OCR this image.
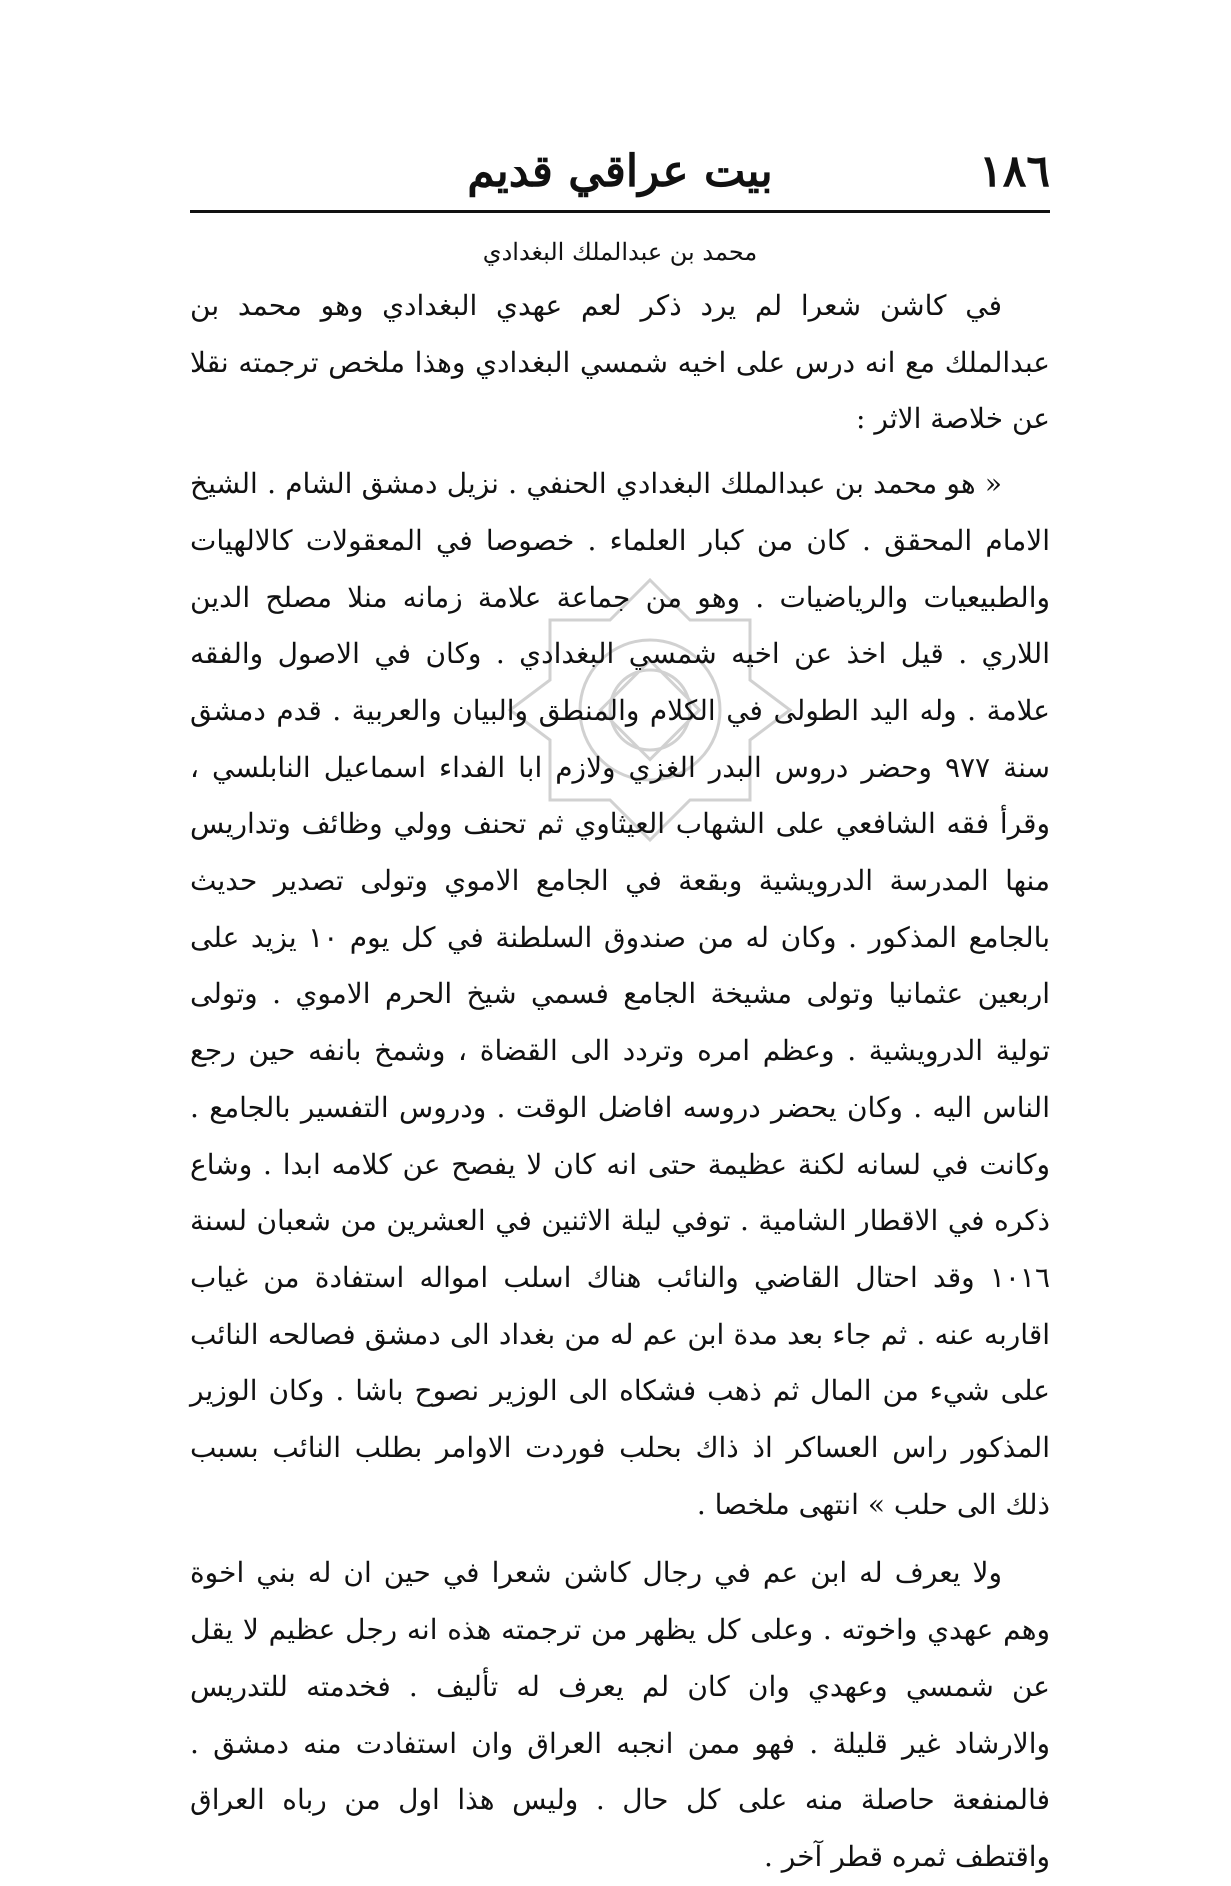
١٨٦
بيت عراقي قديم
محمد بن عبدالملك البغدادي

في كاشن شعرا لم يرد ذكر لعم عهدي البغدادي وهو محمد بن عبدالملك مع انه درس على اخيه شمسي البغدادي وهذا ملخص ترجمته نقلا عن خلاصة الاثر :

« هو محمد بن عبدالملك البغدادي الحنفي . نزيل دمشق الشام . الشيخ الامام المحقق . كان من كبار العلماء . خصوصا في المعقولات كالالهيات والطبيعيات والرياضيات . وهو من جماعة علامة زمانه منلا مصلح الدين اللاري . قيل اخذ عن اخيه شمسي البغدادي . وكان في الاصول والفقه علامة . وله اليد الطولى في الكلام والمنطق والبيان والعربية . قدم دمشق سنة ٩٧٧ وحضر دروس البدر الغزي ولازم ابا الفداء اسماعيل النابلسي ، وقرأ فقه الشافعي على الشهاب العيثاوي ثم تحنف وولي وظائف وتداريس منها المدرسة الدرويشية وبقعة في الجامع الاموي وتولى تصدير حديث بالجامع المذكور . وكان له من صندوق السلطنة في كل يوم ١٠ يزيد على اربعين عثمانيا وتولى مشيخة الجامع فسمي شيخ الحرم الاموي . وتولى تولية الدرويشية . وعظم امره وتردد الى القضاة ، وشمخ بانفه حين رجع الناس اليه . وكان يحضر دروسه افاضل الوقت . ودروس التفسير بالجامع . وكانت في لسانه لكنة عظيمة حتى انه كان لا يفصح عن كلامه ابدا . وشاع ذكره في الاقطار الشامية . توفي ليلة الاثنين في العشرين من شعبان لسنة ١٠١٦ وقد احتال القاضي والنائب هناك اسلب امواله استفادة من غياب اقاربه عنه . ثم جاء بعد مدة ابن عم له من بغداد الى دمشق فصالحه النائب على شيء من المال ثم ذهب فشكاه الى الوزير نصوح باشا . وكان الوزير المذكور راس العساكر اذ ذاك بحلب فوردت الاوامر بطلب النائب بسبب ذلك الى حلب » انتهى ملخصا .

ولا يعرف له ابن عم في رجال كاشن شعرا في حين ان له بني اخوة وهم عهدي واخوته . وعلى كل يظهر من ترجمته هذه انه رجل عظيم لا يقل عن شمسي وعهدي وان كان لم يعرف له تأليف . فخدمته للتدريس والارشاد غير قليلة . فهو ممن انجبه العراق وان استفادت منه دمشق . فالمنفعة حاصلة منه على كل حال . وليس هذا اول من رباه العراق واقتطف ثمره قطر آخر .
